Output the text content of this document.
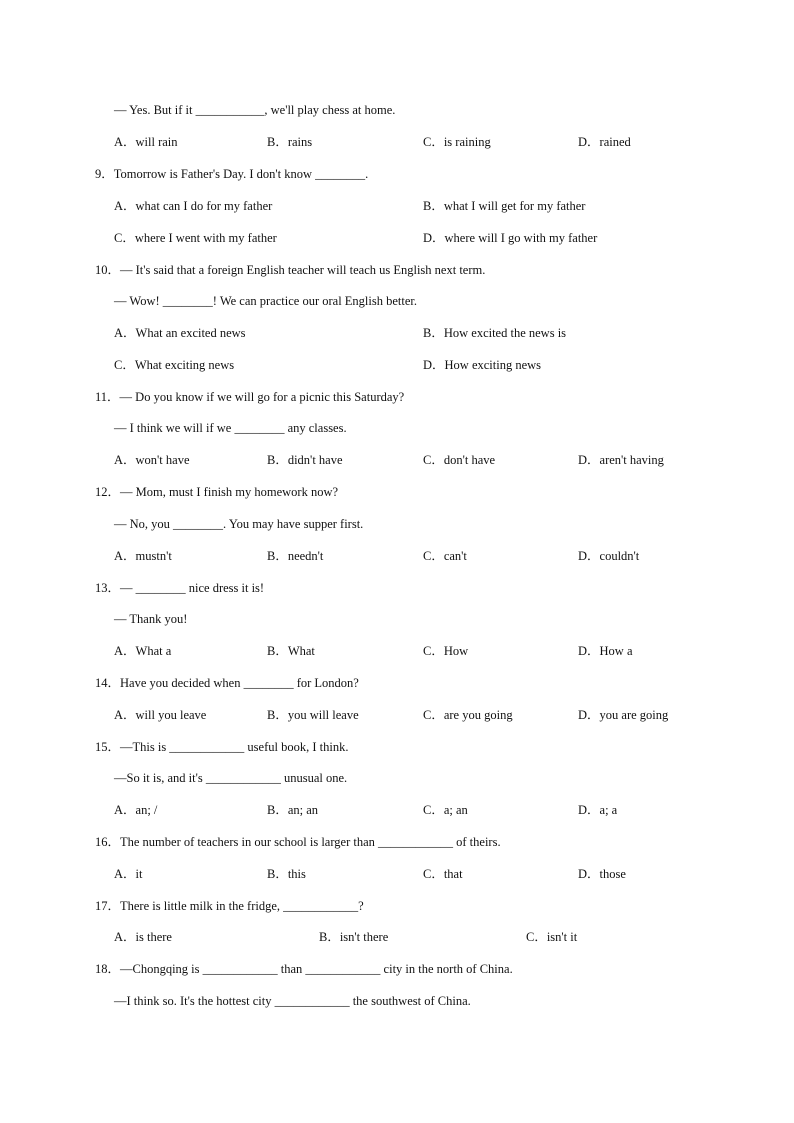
— Yes. But if it ___________, we'll play chess at home.
A．will rain	B．rains	C．is raining	D．rained
9．Tomorrow is Father's Day. I don't know ________.
A．what can I do for my father	B．what I will get for my father
C．where I went with my father	D．where will I go with my father
10．— It's said that a foreign English teacher will teach us English next term.
— Wow! ________! We can practice our oral English better.
A．What an excited news	B．How excited the news is
C．What exciting news	D．How exciting news
11．— Do you know if we will go for a picnic this Saturday?
— I think we will if we ________ any classes.
A．won't have	B．didn't have	C．don't have	D．aren't having
12．— Mom, must I finish my homework now?
— No, you ________. You may have supper first.
A．mustn't	B．needn't	C．can't	D．couldn't
13．— ________ nice dress it is!
— Thank you!
A．What a	B．What	C．How	D．How a
14．Have you decided when ________ for London?
A．will you leave	B．you will leave	C．are you going	D．you are going
15．—This is ____________ useful book, I think.
—So it is, and it's ____________ unusual one.
A．an; /	B．an; an	C．a; an	D．a; a
16．The number of teachers in our school is larger than ____________ of theirs.
A．it	B．this	C．that	D．those
17．There is little milk in the fridge, ____________?
A．is there	B．isn't there	C．isn't it
18．—Chongqing is ____________ than ____________ city in the north of China.
—I think so. It's the hottest city ____________ the southwest of China.
